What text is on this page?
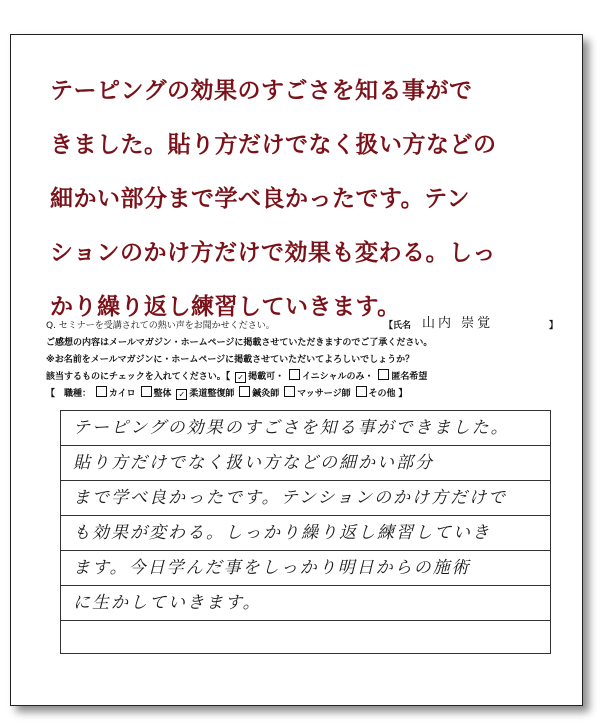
テーピングの効果のすごさを知る事がで
きました。貼り方だけでなく扱い方などの
細かい部分まで学べ良かったです。テン
ションのかけ方だけで効果も変わる。しっ
かり繰り返し練習していきます。
Q. セミナーを受講されての熱い声をお聞かせください。	【氏名 山内 崇覚	】
ご感想の内容はメールマガジン・ホームページに掲載させていただきますのでご了承ください。
※お名前をメールマガジンに・ホームページに掲載させていただいてよろしいでしょうか？
該当するものにチェックを入れてください。【 ✓ 掲載可・ イニシャルのみ・ 匿名希望
【　職種： カイロ 整体 ✓ 柔道整復師 鍼灸師 マッサージ師 その他 】
テーピングの効果のすごさを知る事ができました。
貼り方だけでなく扱い方などの細かい部分
まで学べ良かったです。テンションのかけ方だけで
も効果が変わる。しっかり繰り返し練習していき
ます。今日学んだ事をしっかり明日からの施術
に生かしていきます。
